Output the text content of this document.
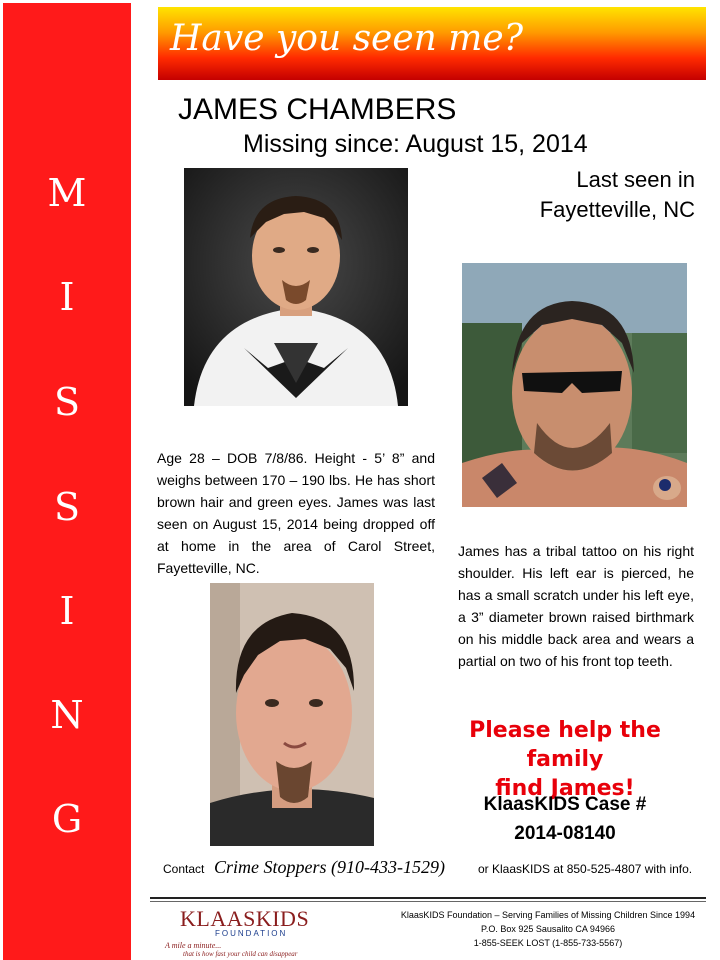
M
I
S
S
I
N
G
Have you seen me?
JAMES CHAMBERS
Missing since: August 15, 2014
Last seen in
Fayetteville, NC
Age 28 – DOB 7/8/86. Height - 5’ 8” and weighs between 170 – 190 lbs. He has short brown hair and green eyes. James was last seen on August 15, 2014 being dropped off at home in the area of Carol Street, Fayetteville, NC.
James has a tribal tattoo on his right shoulder. His left ear is pierced, he has a small scratch under his left eye, a 3” diameter brown raised birthmark on his middle back area and wears a partial on two of his front top teeth.
Please help the family
find James!
KlaasKIDS Case #
2014-08140
Contact Crime Stoppers (910-433-1529)	or KlaasKIDS at 850-525-4807 with info.
KLAASKIDS
FOUNDATION
A mile a minute...
that is how fast your child can disappear
KlaasKIDS Foundation – Serving Families of Missing Children Since 1994
P.O. Box 925 Sausalito CA 94966
1-855-SEEK LOST (1-855-733-5567)
